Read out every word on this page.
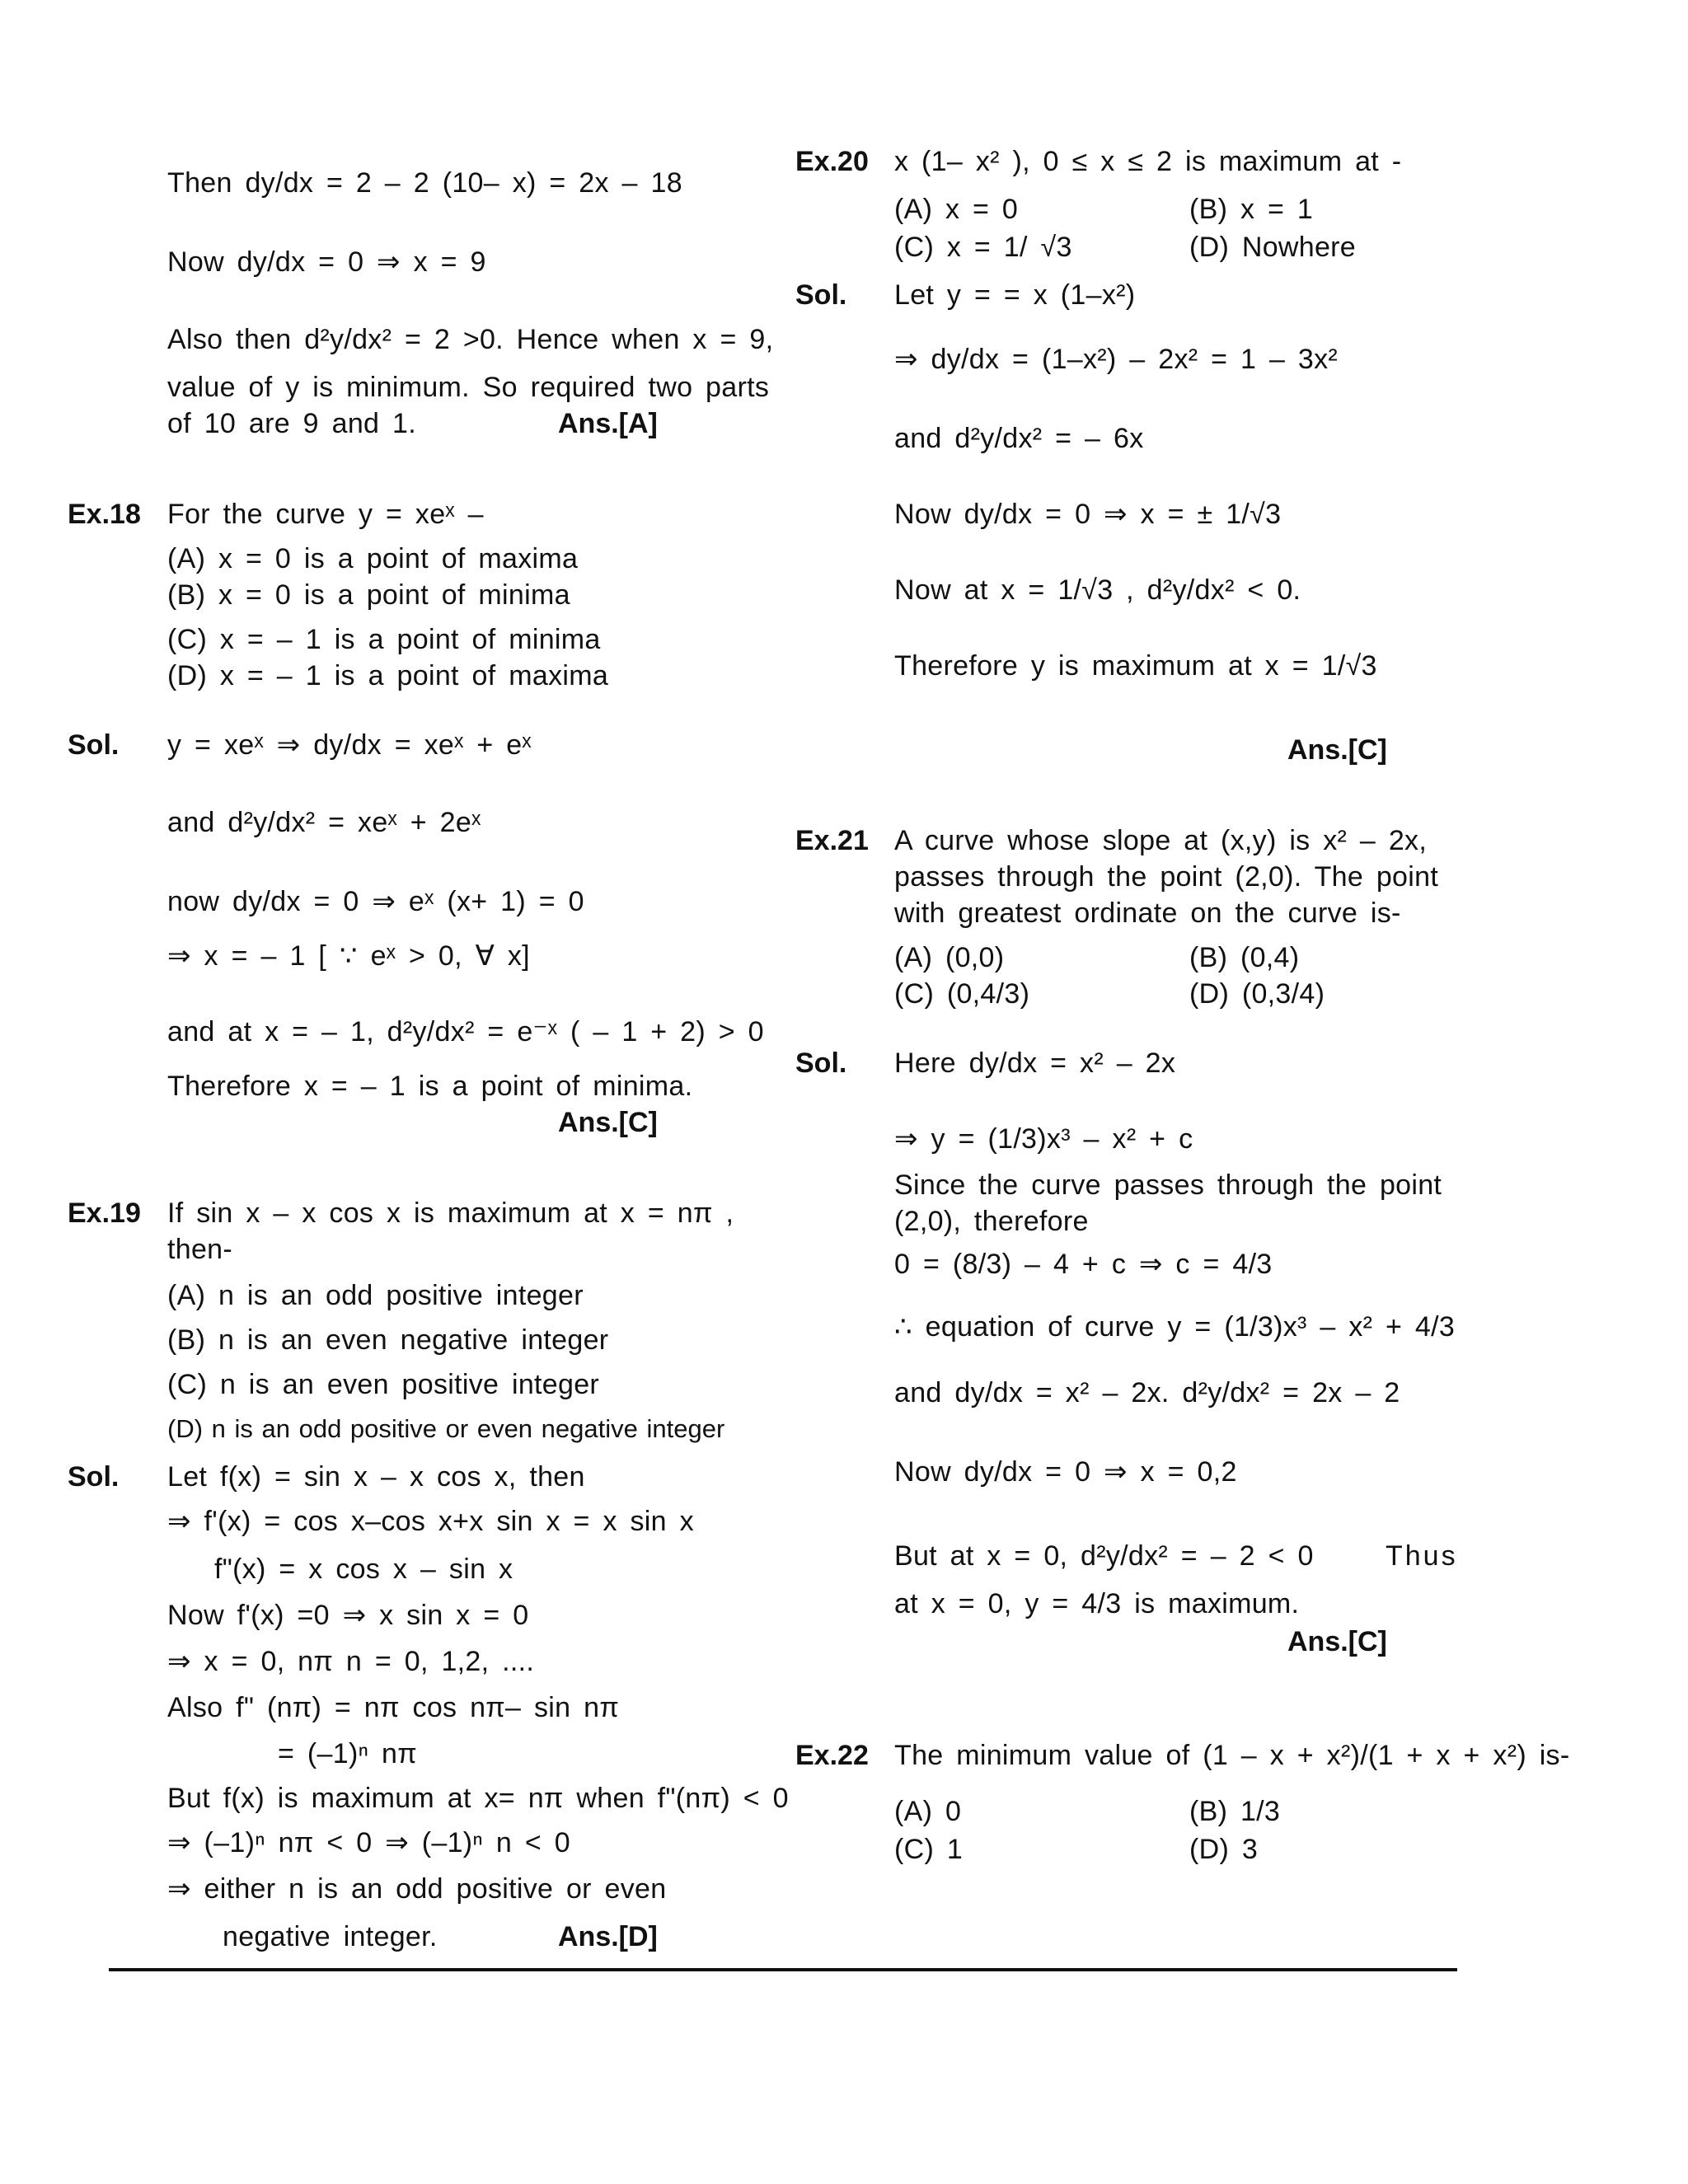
Then dy/dx = 2 – 2 (10– x) = 2x – 18
Now dy/dx = 0 ⇒ x = 9
Also then d²y/dx² = 2 >0. Hence when x = 9,
value of y is minimum. So required two parts
of 10 are 9 and 1.	Ans.[A]
Ex.18 For the curve y = xeˣ –
(A) x = 0 is a point of maxima
(B) x = 0 is a point of minima
(C) x = – 1 is a point of minima
(D) x = – 1 is a point of maxima
Sol. y = xeˣ ⇒ dy/dx = xeˣ + eˣ
and d²y/dx² = xeˣ + 2eˣ
now dy/dx = 0 ⇒ eˣ (x+ 1) = 0
⇒ x = – 1 [ ∵ eˣ > 0, ∀ x]
and at x = – 1, d²y/dx² = e⁻ˣ ( – 1 + 2) > 0
Therefore x = – 1 is a point of minima.
Ans.[C]
Ex.19 If sin x – x cos x is maximum at x = nπ ,
then-
(A) n is an odd positive integer
(B) n is an even negative integer
(C) n is an even positive integer
(D) n is an odd positive or even negative integer
Sol. Let f(x) = sin x – x cos x, then
⇒ f'(x) = cos x–cos x+x sin x = x sin x
f"(x) = x cos x – sin x
Now f'(x) =0 ⇒ x sin x = 0
⇒ x = 0, nπ n = 0, 1,2, ....
Also f" (nπ) = nπ cos nπ– sin nπ
= (–1)ⁿ nπ
But f(x) is maximum at x= nπ when f"(nπ) < 0
⇒ (–1)ⁿ nπ < 0 ⇒ (–1)ⁿ n < 0
⇒ either n is an odd positive or even
negative integer.	Ans.[D]
Ex.20 x (1– x² ), 0 ≤ x ≤ 2 is maximum at -
(A) x = 0	(B) x = 1
(C) x = 1/ √3	(D) Nowhere
Sol. Let y = = x (1–x²)
⇒ dy/dx = (1–x²) – 2x² = 1 – 3x²
and d²y/dx² = – 6x
Now dy/dx = 0 ⇒ x = ± 1/√3
Now at x = 1/√3 , d²y/dx² < 0.
Therefore y is maximum at x = 1/√3
Ans.[C]
Ex.21 A curve whose slope at (x,y) is x² – 2x,
passes through the point (2,0). The point
with greatest ordinate on the curve is-
(A) (0,0)	(B) (0,4)
(C) (0,4/3)	(D) (0,3/4)
Sol. Here dy/dx = x² – 2x
⇒ y = (1/3)x³ – x² + c
Since the curve passes through the point
(2,0), therefore
0 = (8/3) – 4 + c ⇒ c = 4/3
∴ equation of curve y = (1/3)x³ – x² + 4/3
and dy/dx = x² – 2x. d²y/dx² = 2x – 2
Now dy/dx = 0 ⇒ x = 0,2
But at x = 0, d²y/dx² = – 2 < 0	Thus
at x = 0, y = 4/3 is maximum.
Ans.[C]
Ex.22 The minimum value of (1 – x + x²)/(1 + x + x²) is-
(A) 0	(B) 1/3
(C) 1	(D) 3
